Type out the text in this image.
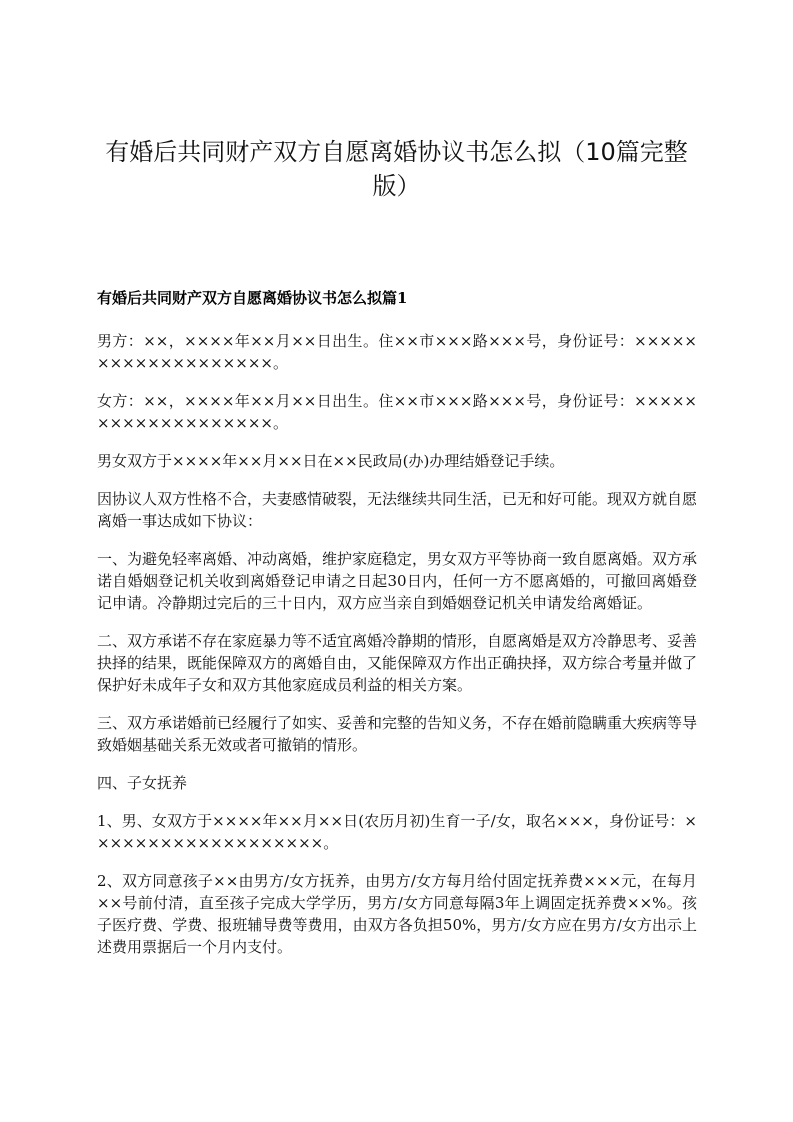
有婚后共同财产双方自愿离婚协议书怎么拟（10篇完整版）
有婚后共同财产双方自愿离婚协议书怎么拟篇1

男方：××，××××年××月××日出生。住××市×××路×××号，身份证号：×××××××××××××××××××。

女方：××，××××年××月××日出生。住××市×××路×××号，身份证号：×××××××××××××××××××。

男女双方于××××年××月××日在××民政局(办)办理结婚登记手续。

因协议人双方性格不合，夫妻感情破裂，无法继续共同生活，已无和好可能。现双方就自愿离婚一事达成如下协议：

一、为避免轻率离婚、冲动离婚，维护家庭稳定，男女双方平等协商一致自愿离婚。双方承诺自婚姻登记机关收到离婚登记申请之日起30日内，任何一方不愿离婚的，可撤回离婚登记申请。冷静期过完后的三十日内，双方应当亲自到婚姻登记机关申请发给离婚证。

二、双方承诺不存在家庭暴力等不适宜离婚冷静期的情形，自愿离婚是双方冷静思考、妥善抉择的结果，既能保障双方的离婚自由，又能保障双方作出正确抉择，双方综合考量并做了保护好未成年子女和双方其他家庭成员利益的相关方案。

三、双方承诺婚前已经履行了如实、妥善和完整的告知义务，不存在婚前隐瞒重大疾病等导致婚姻基础关系无效或者可撤销的情形。

四、子女抚养

1、男、女双方于××××年××月××日(农历月初)生育一子/女，取名×××，身份证号：×××××××××××××××××××。

2、双方同意孩子××由男方/女方抚养，由男方/女方每月给付固定抚养费×××元，在每月××号前付清，直至孩子完成大学学历，男方/女方同意每隔3年上调固定抚养费××%。孩子医疗费、学费、报班辅导费等费用，由双方各负担50%，男方/女方应在男方/女方出示上述费用票据后一个月内支付。
